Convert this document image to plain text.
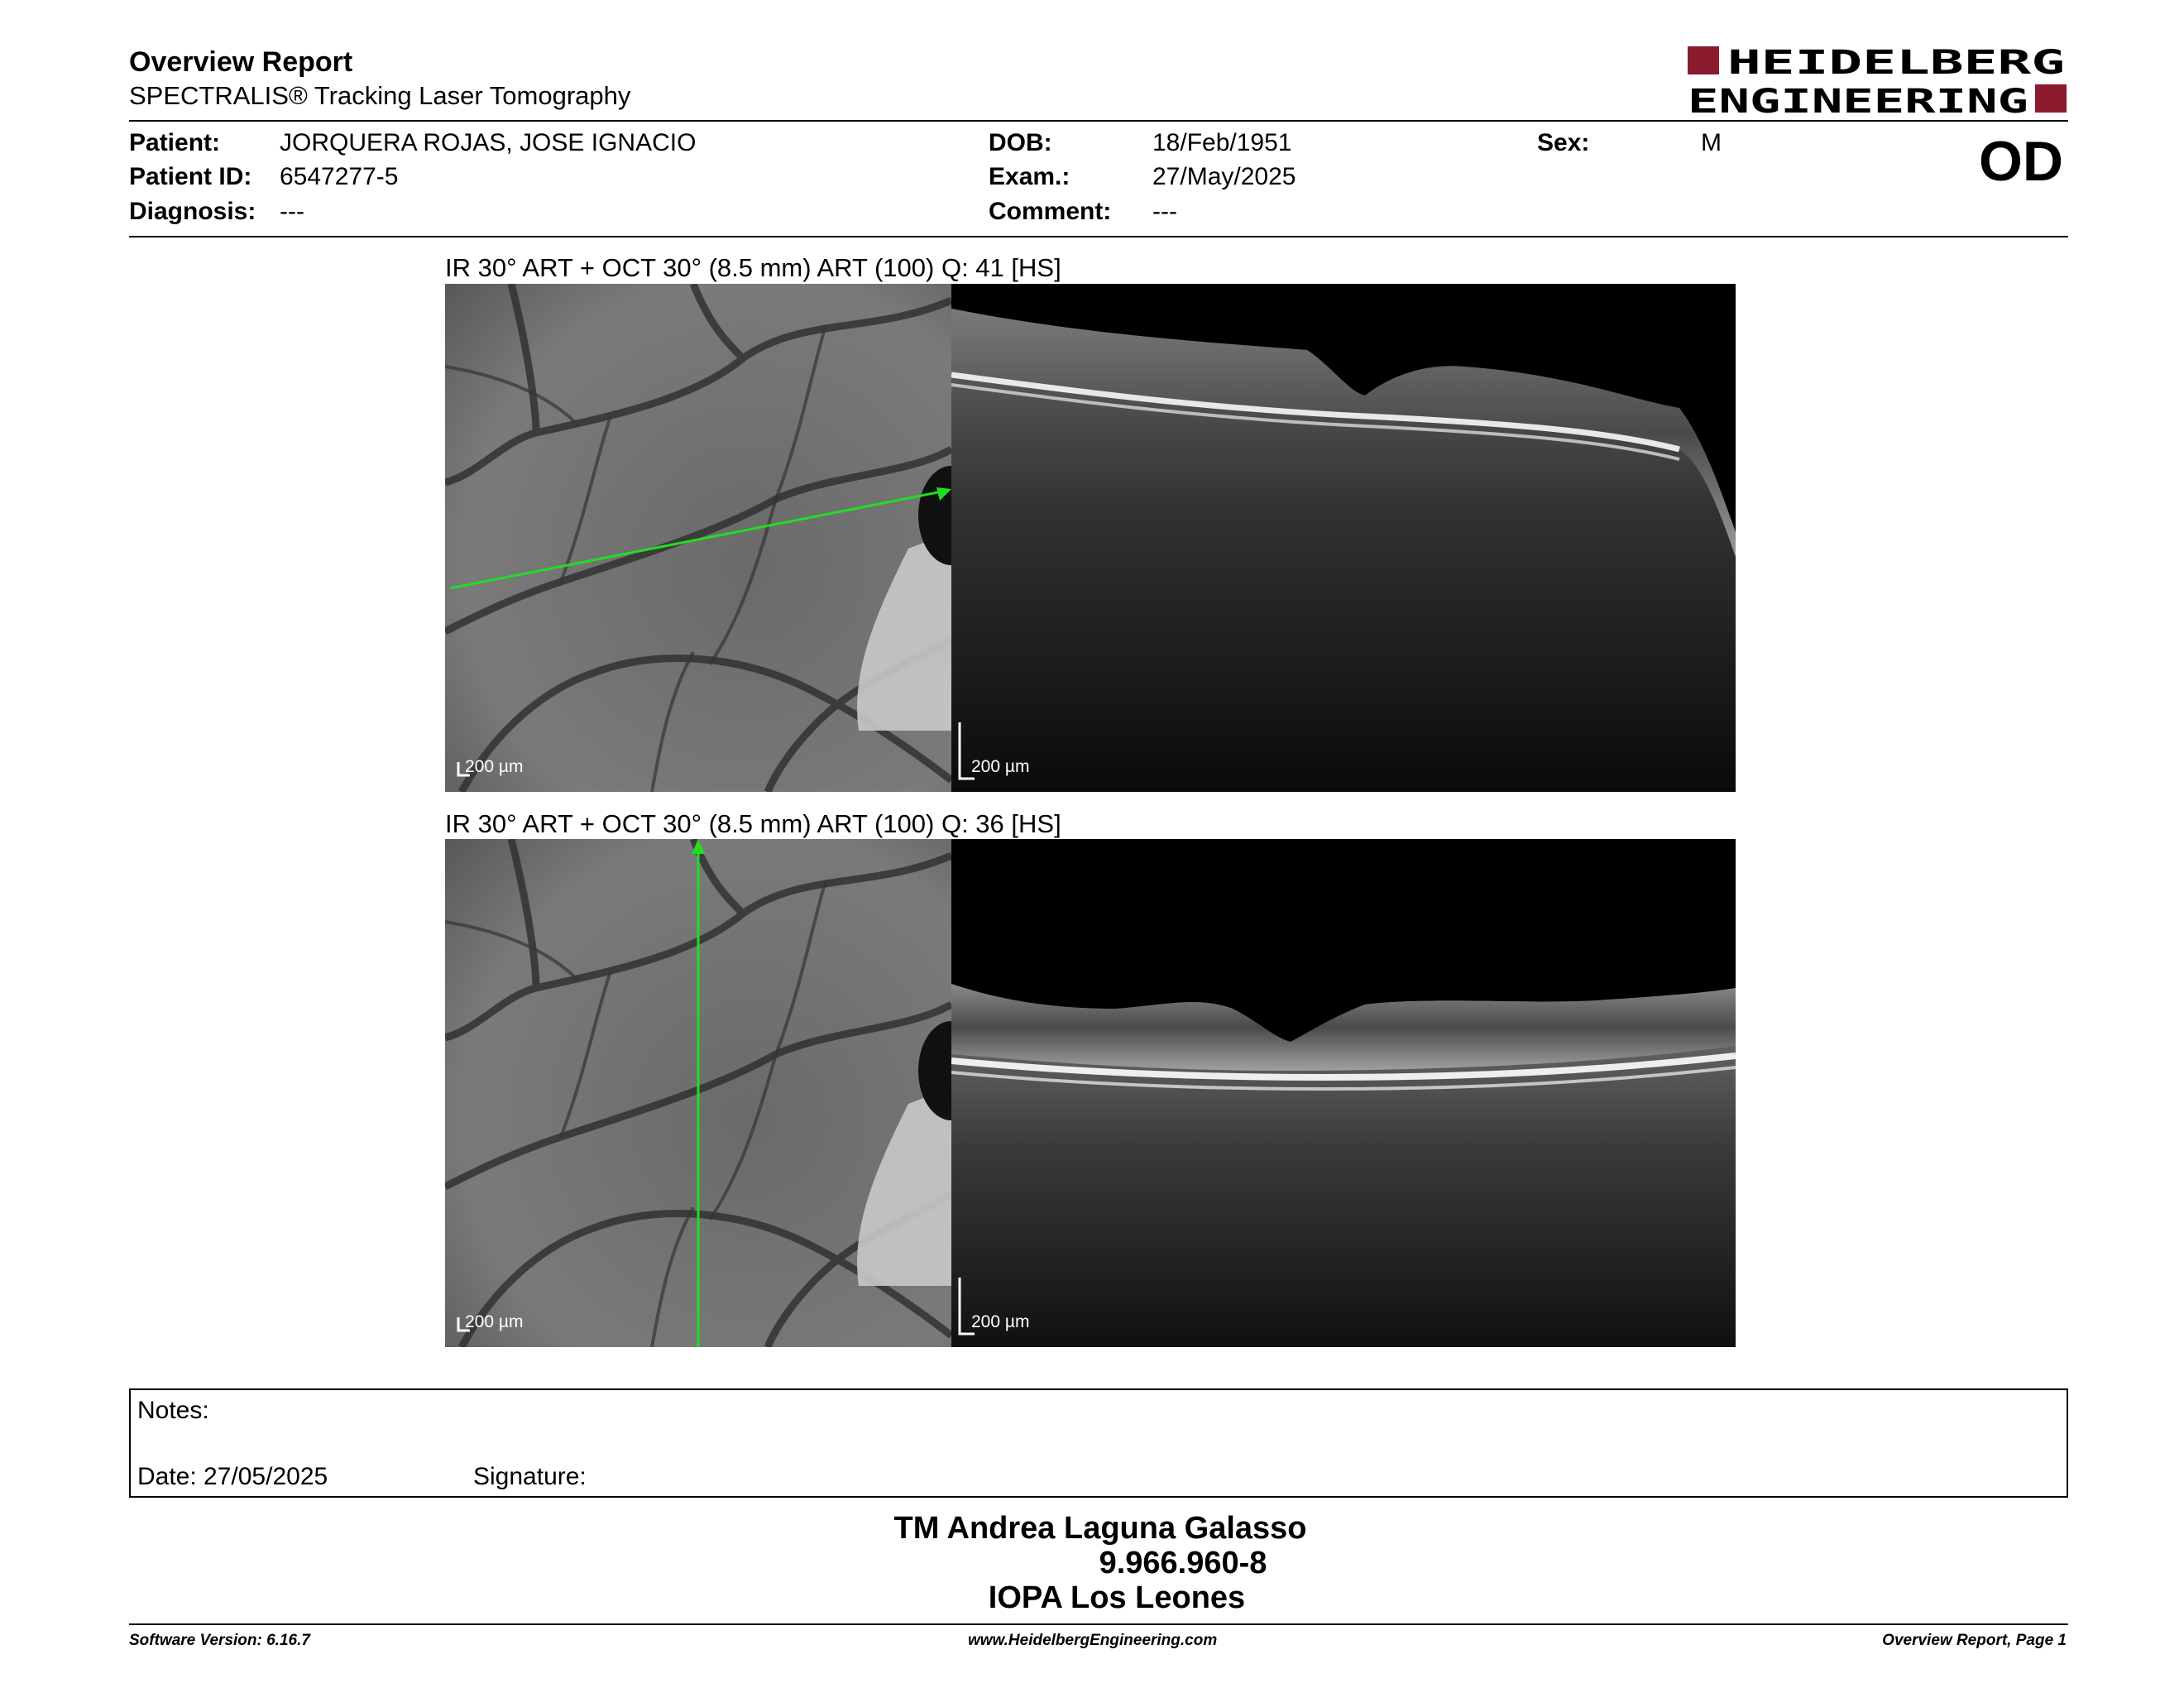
Overview Report
SPECTRALIS® Tracking Laser Tomography
HEIDELBERG
ENGINEERING
Patient: JORQUERA ROJAS, JOSE IGNACIO
Patient ID: 6547277-5
Diagnosis: ---
DOB:	18/Feb/1951
Exam.:	27/May/2025
Comment: ---
Sex:	M	OD
IR 30° ART + OCT 30° (8.5 mm) ART (100) Q: 41 [HS]
200 µm	200 µm
IR 30° ART + OCT 30° (8.5 mm) ART (100) Q: 36 [HS]
200 µm	200 µm
Notes:
Date: 27/05/2025	Signature:
TM Andrea Laguna Galasso
9.966.960-8
IOPA Los Leones
Software Version: 6.16.7	www.HeidelbergEngineering.com	Overview Report, Page 1
